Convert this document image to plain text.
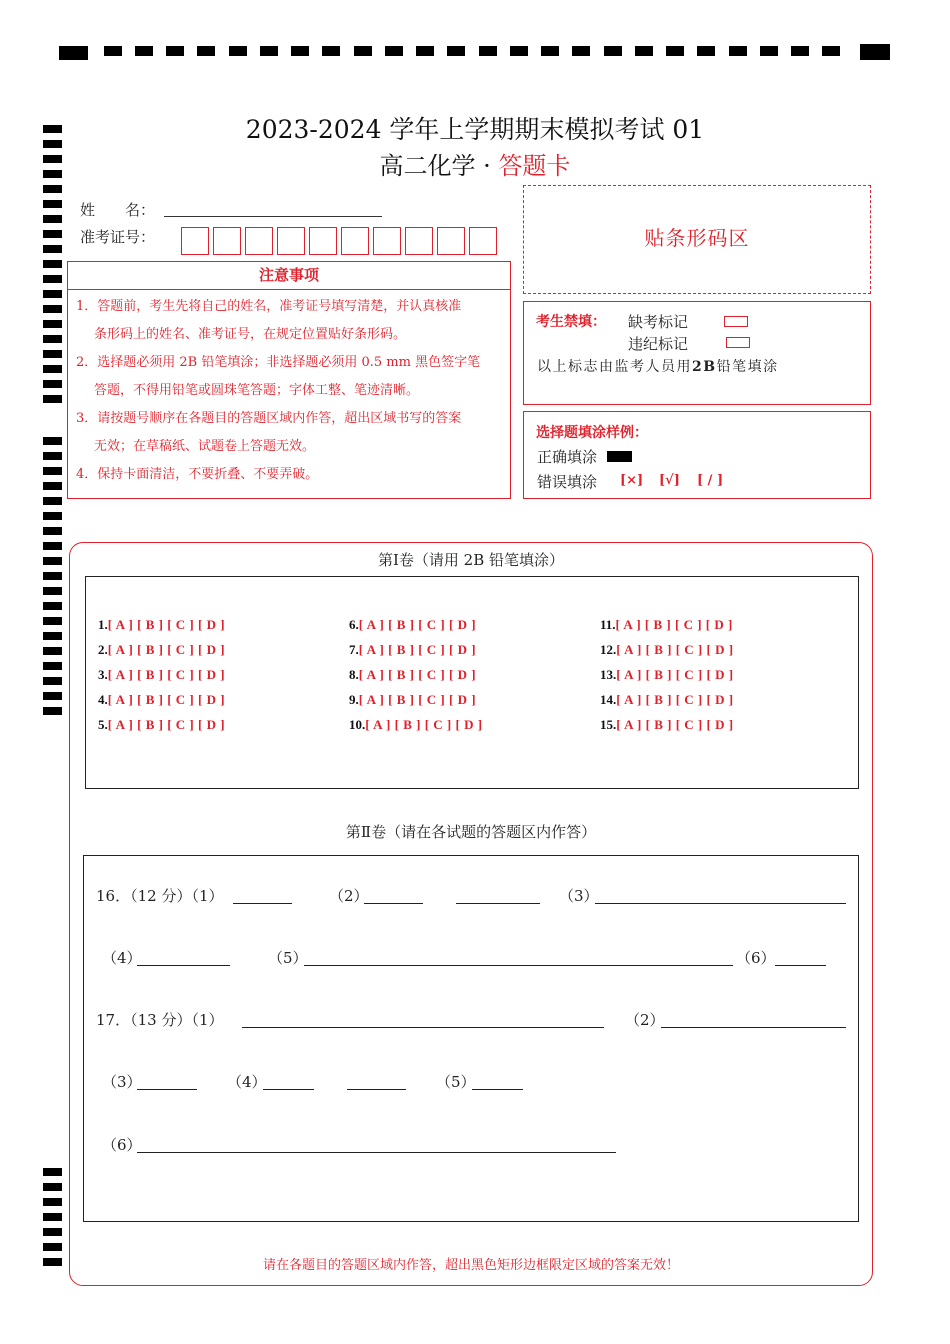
2023-2024 学年上学期期末模拟考试 01
高二化学 · 答题卡
姓　　名：
准考证号：
注意事项
1．答题前，考生先将自己的姓名，准考证号填写清楚，并认真核准
条形码上的姓名、准考证号，在规定位置贴好条形码。
2．选择题必须用 2B 铅笔填涂；非选择题必须用 0.5 mm 黑色签字笔
答题，不得用铅笔或圆珠笔答题；字体工整、笔迹清晰。
3．请按题号顺序在各题目的答题区域内作答，超出区域书写的答案
无效；在草稿纸、试题卷上答题无效。
4．保持卡面清洁，不要折叠、不要弄破。
贴条形码区
考生禁填： 缺考标记
违纪标记
以上标志由监考人员用2B铅笔填涂
选择题填涂样例：
正确填涂
错误填涂 [×] [√] [ / ]
第Ⅰ卷（请用 2B 铅笔填涂）
1.[ A ] [ B ] [ C ] [ D ]
2.[ A ] [ B ] [ C ] [ D ]
3.[ A ] [ B ] [ C ] [ D ]
4.[ A ] [ B ] [ C ] [ D ]
5.[ A ] [ B ] [ C ] [ D ]
6.[ A ] [ B ] [ C ] [ D ]
7.[ A ] [ B ] [ C ] [ D ]
8.[ A ] [ B ] [ C ] [ D ]
9.[ A ] [ B ] [ C ] [ D ]
10.[ A ] [ B ] [ C ] [ D ]
11.[ A ] [ B ] [ C ] [ D ]
12.[ A ] [ B ] [ C ] [ D ]
13.[ A ] [ B ] [ C ] [ D ]
14.[ A ] [ B ] [ C ] [ D ]
15.[ A ] [ B ] [ C ] [ D ]
第Ⅱ卷（请在各试题的答题区内作答）
16．（12 分）（1）	（2）	（3）
（4）	（5）	（6）
17．（13 分）（1）	（2）
（3）	（4）	（5）
（6）
请在各题目的答题区域内作答，超出黑色矩形边框限定区域的答案无效！
